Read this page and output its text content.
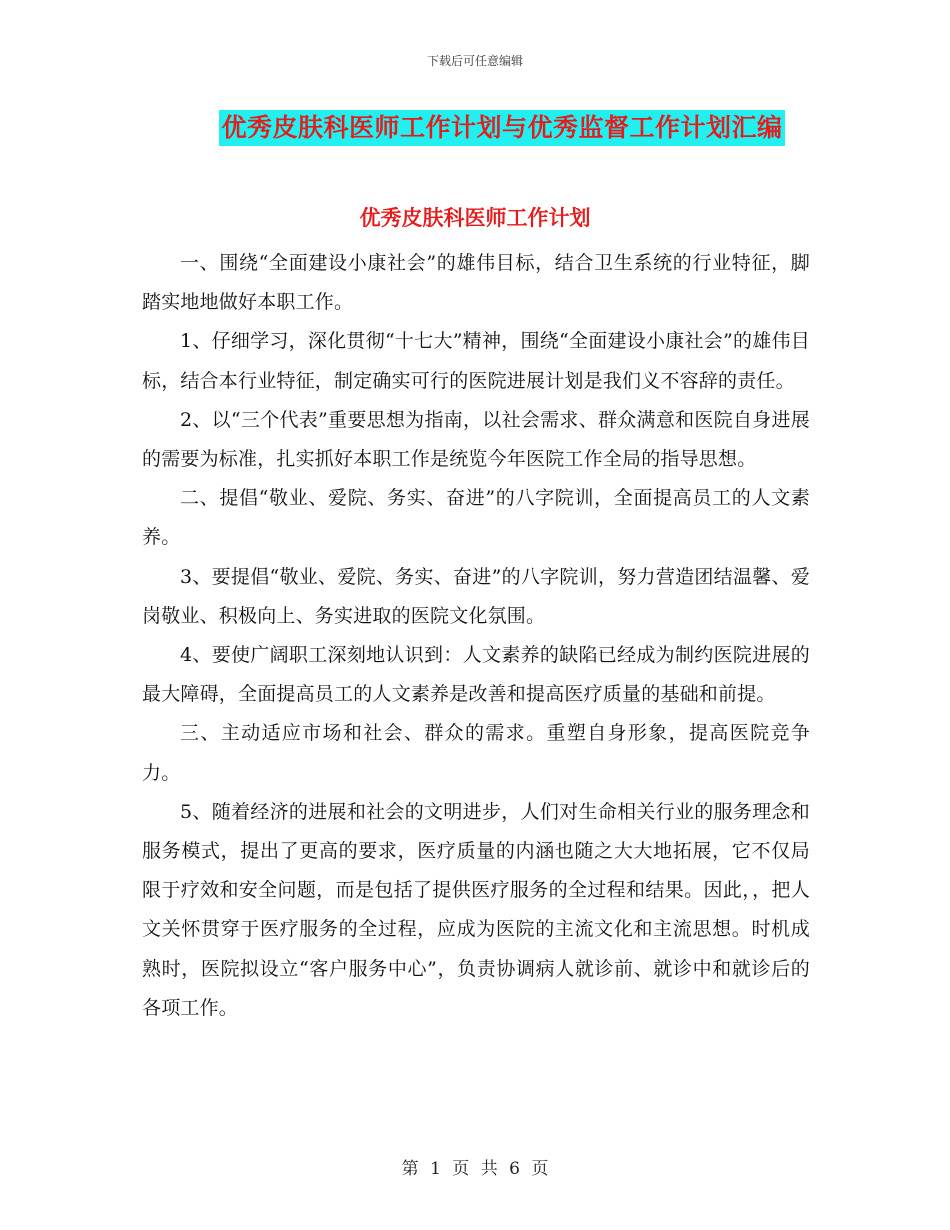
下载后可任意编辑
优秀皮肤科医师工作计划与优秀监督工作计划汇编
优秀皮肤科医师工作计划

一、围绕“全面建设小康社会”的雄伟目标，结合卫生系统的行业特征，脚踏实地地做好本职工作。

1、仔细学习，深化贯彻“十七大”精神，围绕“全面建设小康社会”的雄伟目标，结合本行业特征，制定确实可行的医院进展计划是我们义不容辞的责任。

2、以“三个代表”重要思想为指南，以社会需求、群众满意和医院自身进展的需要为标准，扎实抓好本职工作是统览今年医院工作全局的指导思想。

二、提倡“敬业、爱院、务实、奋进”的八字院训，全面提高员工的人文素养。

3、要提倡“敬业、爱院、务实、奋进”的八字院训，努力营造团结温馨、爱岗敬业、积极向上、务实进取的医院文化氛围。

4、要使广阔职工深刻地认识到：人文素养的缺陷已经成为制约医院进展的最大障碍，全面提高员工的人文素养是改善和提高医疗质量的基础和前提。

三、主动适应市场和社会、群众的需求。重塑自身形象，提高医院竞争力。

5、随着经济的进展和社会的文明进步，人们对生命相关行业的服务理念和服务模式，提出了更高的要求，医疗质量的内涵也随之大大地拓展，它不仅局限于疗效和安全问题，而是包括了提供医疗服务的全过程和结果。因此，，把人文关怀贯穿于医疗服务的全过程，应成为医院的主流文化和主流思想。时机成熟时，医院拟设立“客户服务中心”，负责协调病人就诊前、就诊中和就诊后的各项工作。

第 1 页 共 6 页
